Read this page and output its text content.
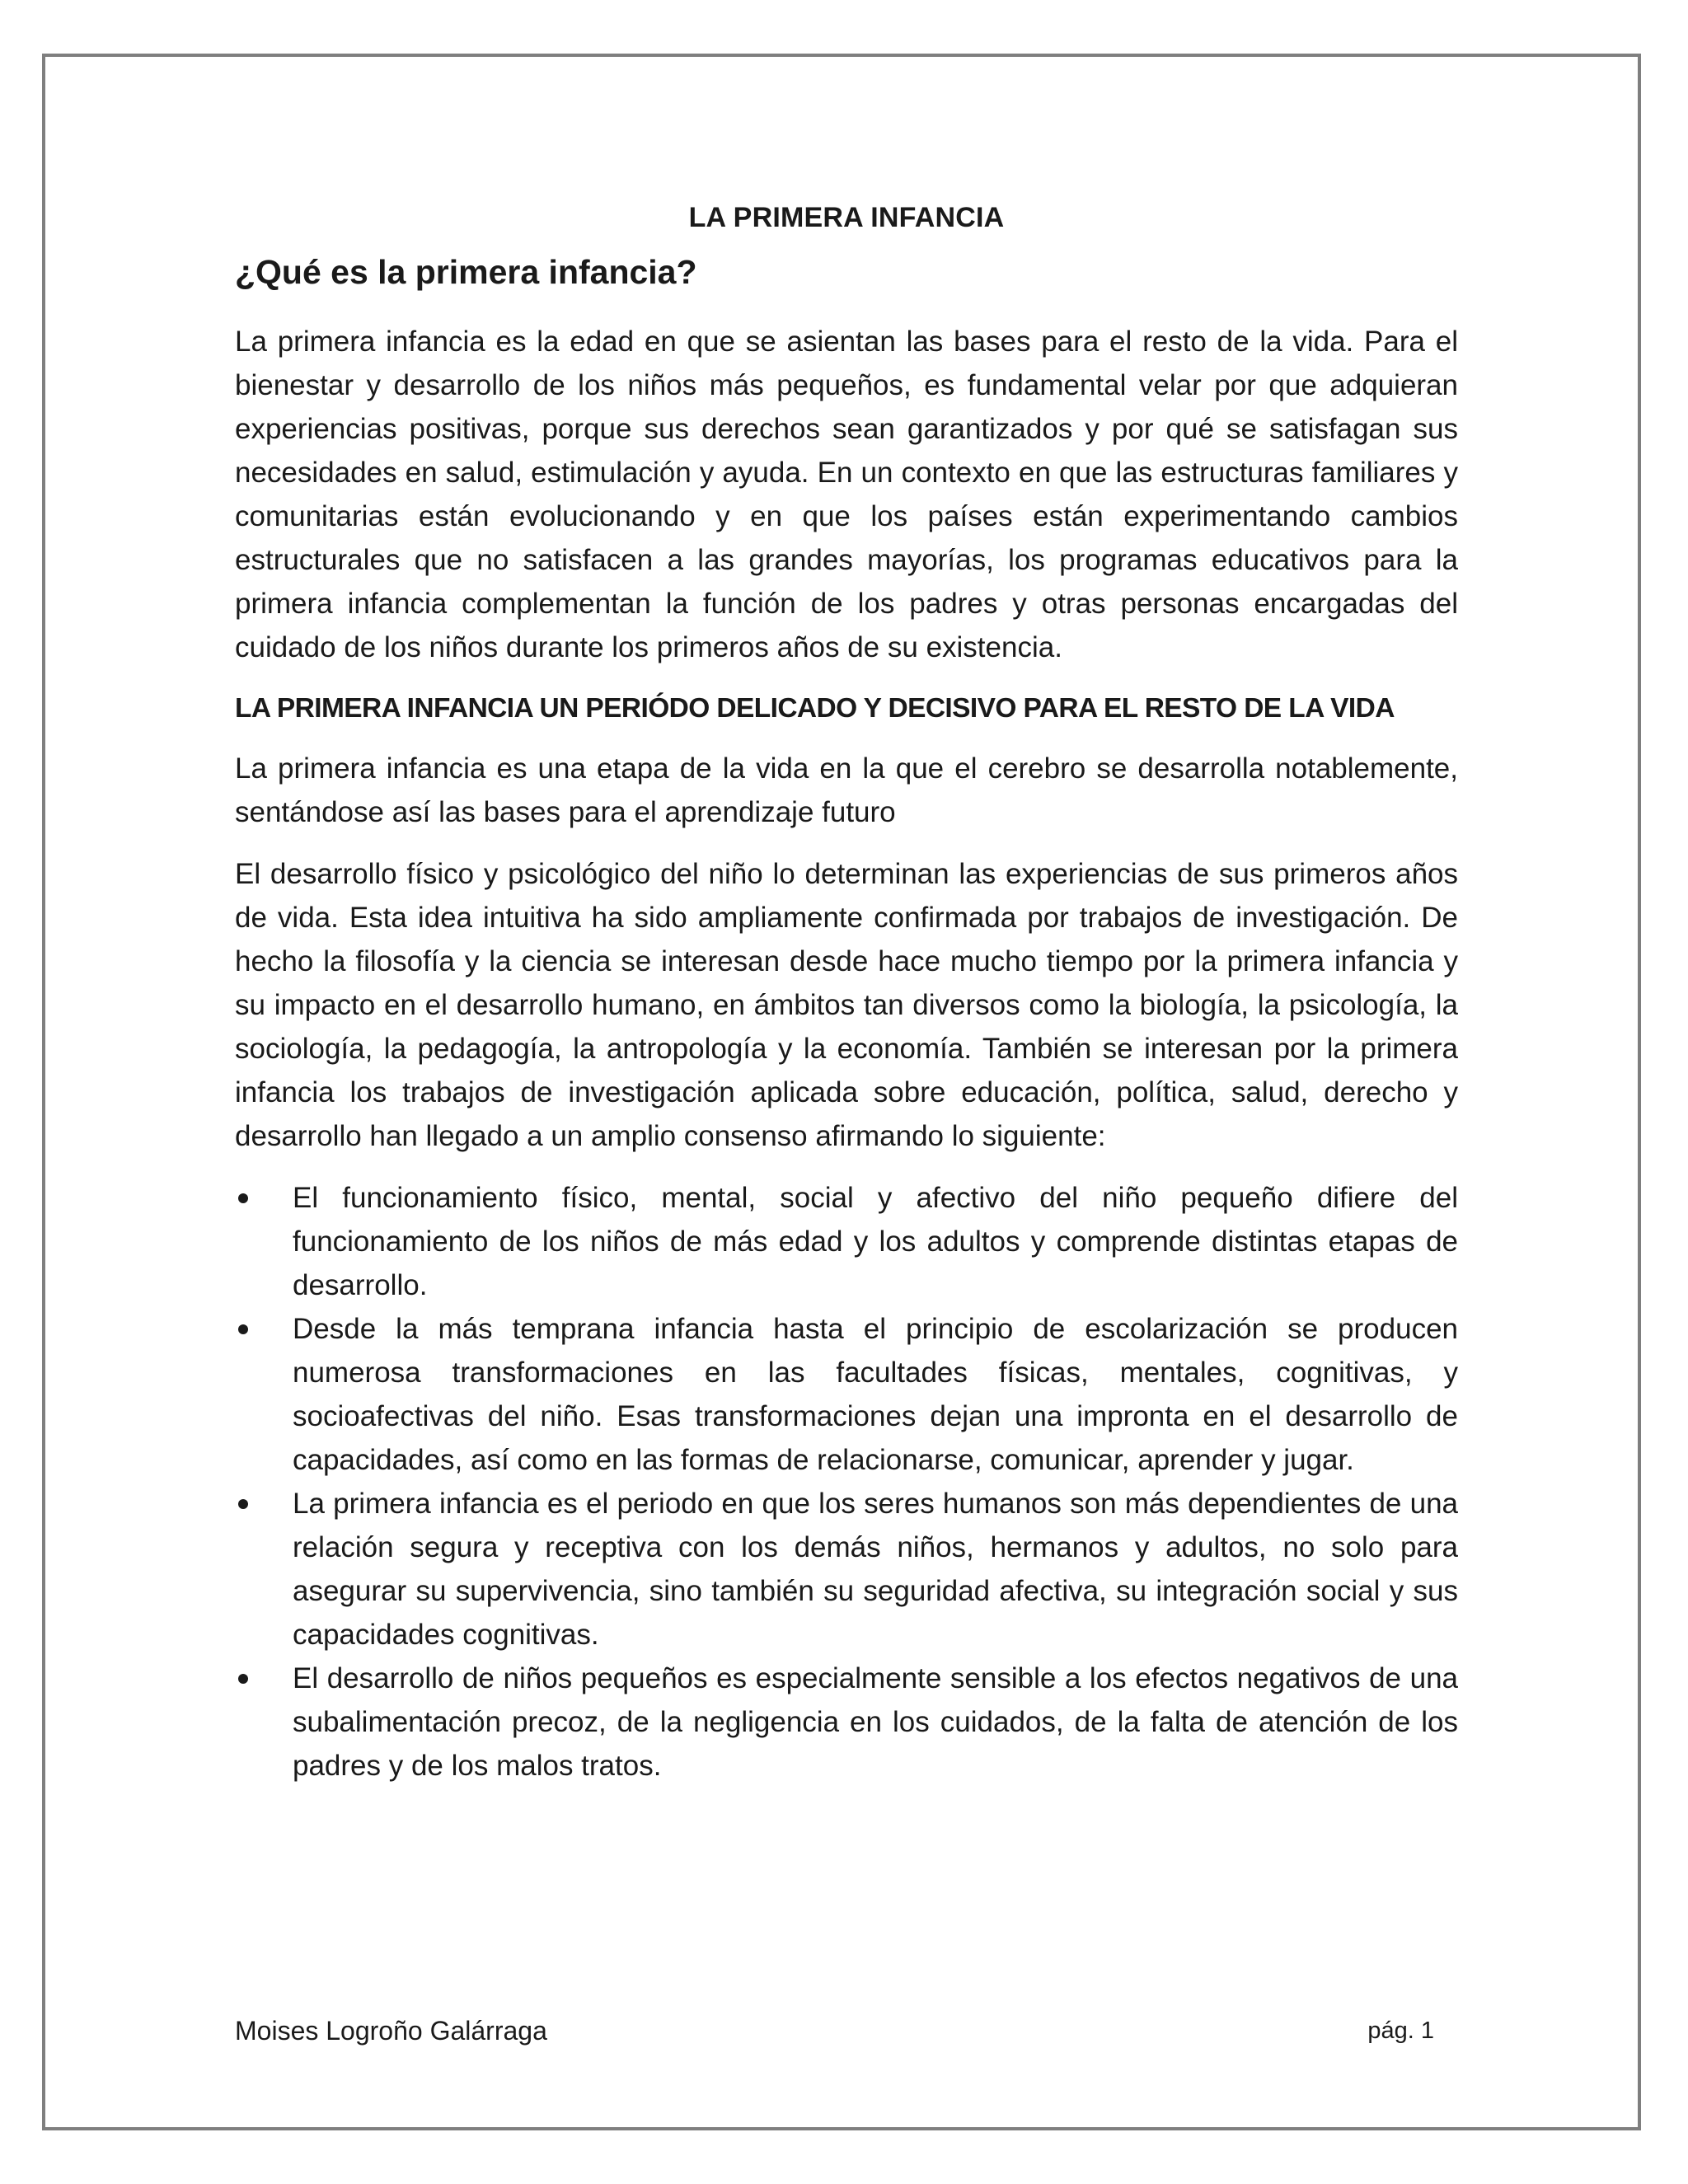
LA PRIMERA INFANCIA
¿Qué es la primera infancia?

La primera infancia es la edad en que se asientan las bases para el resto de la vida. Para el bienestar y desarrollo de los niños más pequeños, es fundamental velar por que adquieran experiencias positivas, porque sus derechos sean garantizados y por qué se satisfagan sus necesidades en salud, estimulación y ayuda. En un contexto en que las estructuras familiares y comunitarias están evolucionando y en que los países están experimentando cambios estructurales que no satisfacen a las grandes mayorías, los programas educativos para la primera infancia complementan la función de los padres y otras personas encargadas del cuidado de los niños durante los primeros años de su existencia.

LA PRIMERA INFANCIA UN PERIÓDO DELICADO Y DECISIVO PARA EL RESTO DE LA VIDA

La primera infancia es una etapa de la vida en la que el cerebro se desarrolla notablemente, sentándose así las bases para el aprendizaje futuro

El desarrollo físico y psicológico del niño lo determinan las experiencias de sus primeros años de vida. Esta idea intuitiva ha sido ampliamente confirmada por trabajos de investigación. De hecho la filosofía y la ciencia se interesan desde hace mucho tiempo por la primera infancia y su impacto en el desarrollo humano, en ámbitos tan diversos como la biología, la psicología, la sociología, la pedagogía, la antropología y la economía. También se interesan por la primera infancia los trabajos de investigación aplicada sobre educación, política, salud, derecho y desarrollo han llegado a un amplio consenso afirmando lo siguiente:

El funcionamiento físico, mental, social y afectivo del niño pequeño difiere del funcionamiento de los niños de más edad y los adultos y comprende distintas etapas de desarrollo.
Desde la más temprana infancia hasta el principio de escolarización se producen numerosa transformaciones en las facultades físicas, mentales, cognitivas, y socioafectivas del niño. Esas transformaciones dejan una impronta en el desarrollo de capacidades, así como en las formas de relacionarse, comunicar, aprender y jugar.
La primera infancia es el periodo en que los seres humanos son más dependientes de una relación segura y receptiva con los demás niños, hermanos y adultos, no solo para asegurar su supervivencia, sino también su seguridad afectiva, su integración social y sus capacidades cognitivas.
El desarrollo de niños pequeños es especialmente sensible a los efectos negativos de una subalimentación precoz, de la negligencia en los cuidados, de la falta de atención de los padres y de los malos tratos.
Moises Logroño Galárraga	pág. 1
